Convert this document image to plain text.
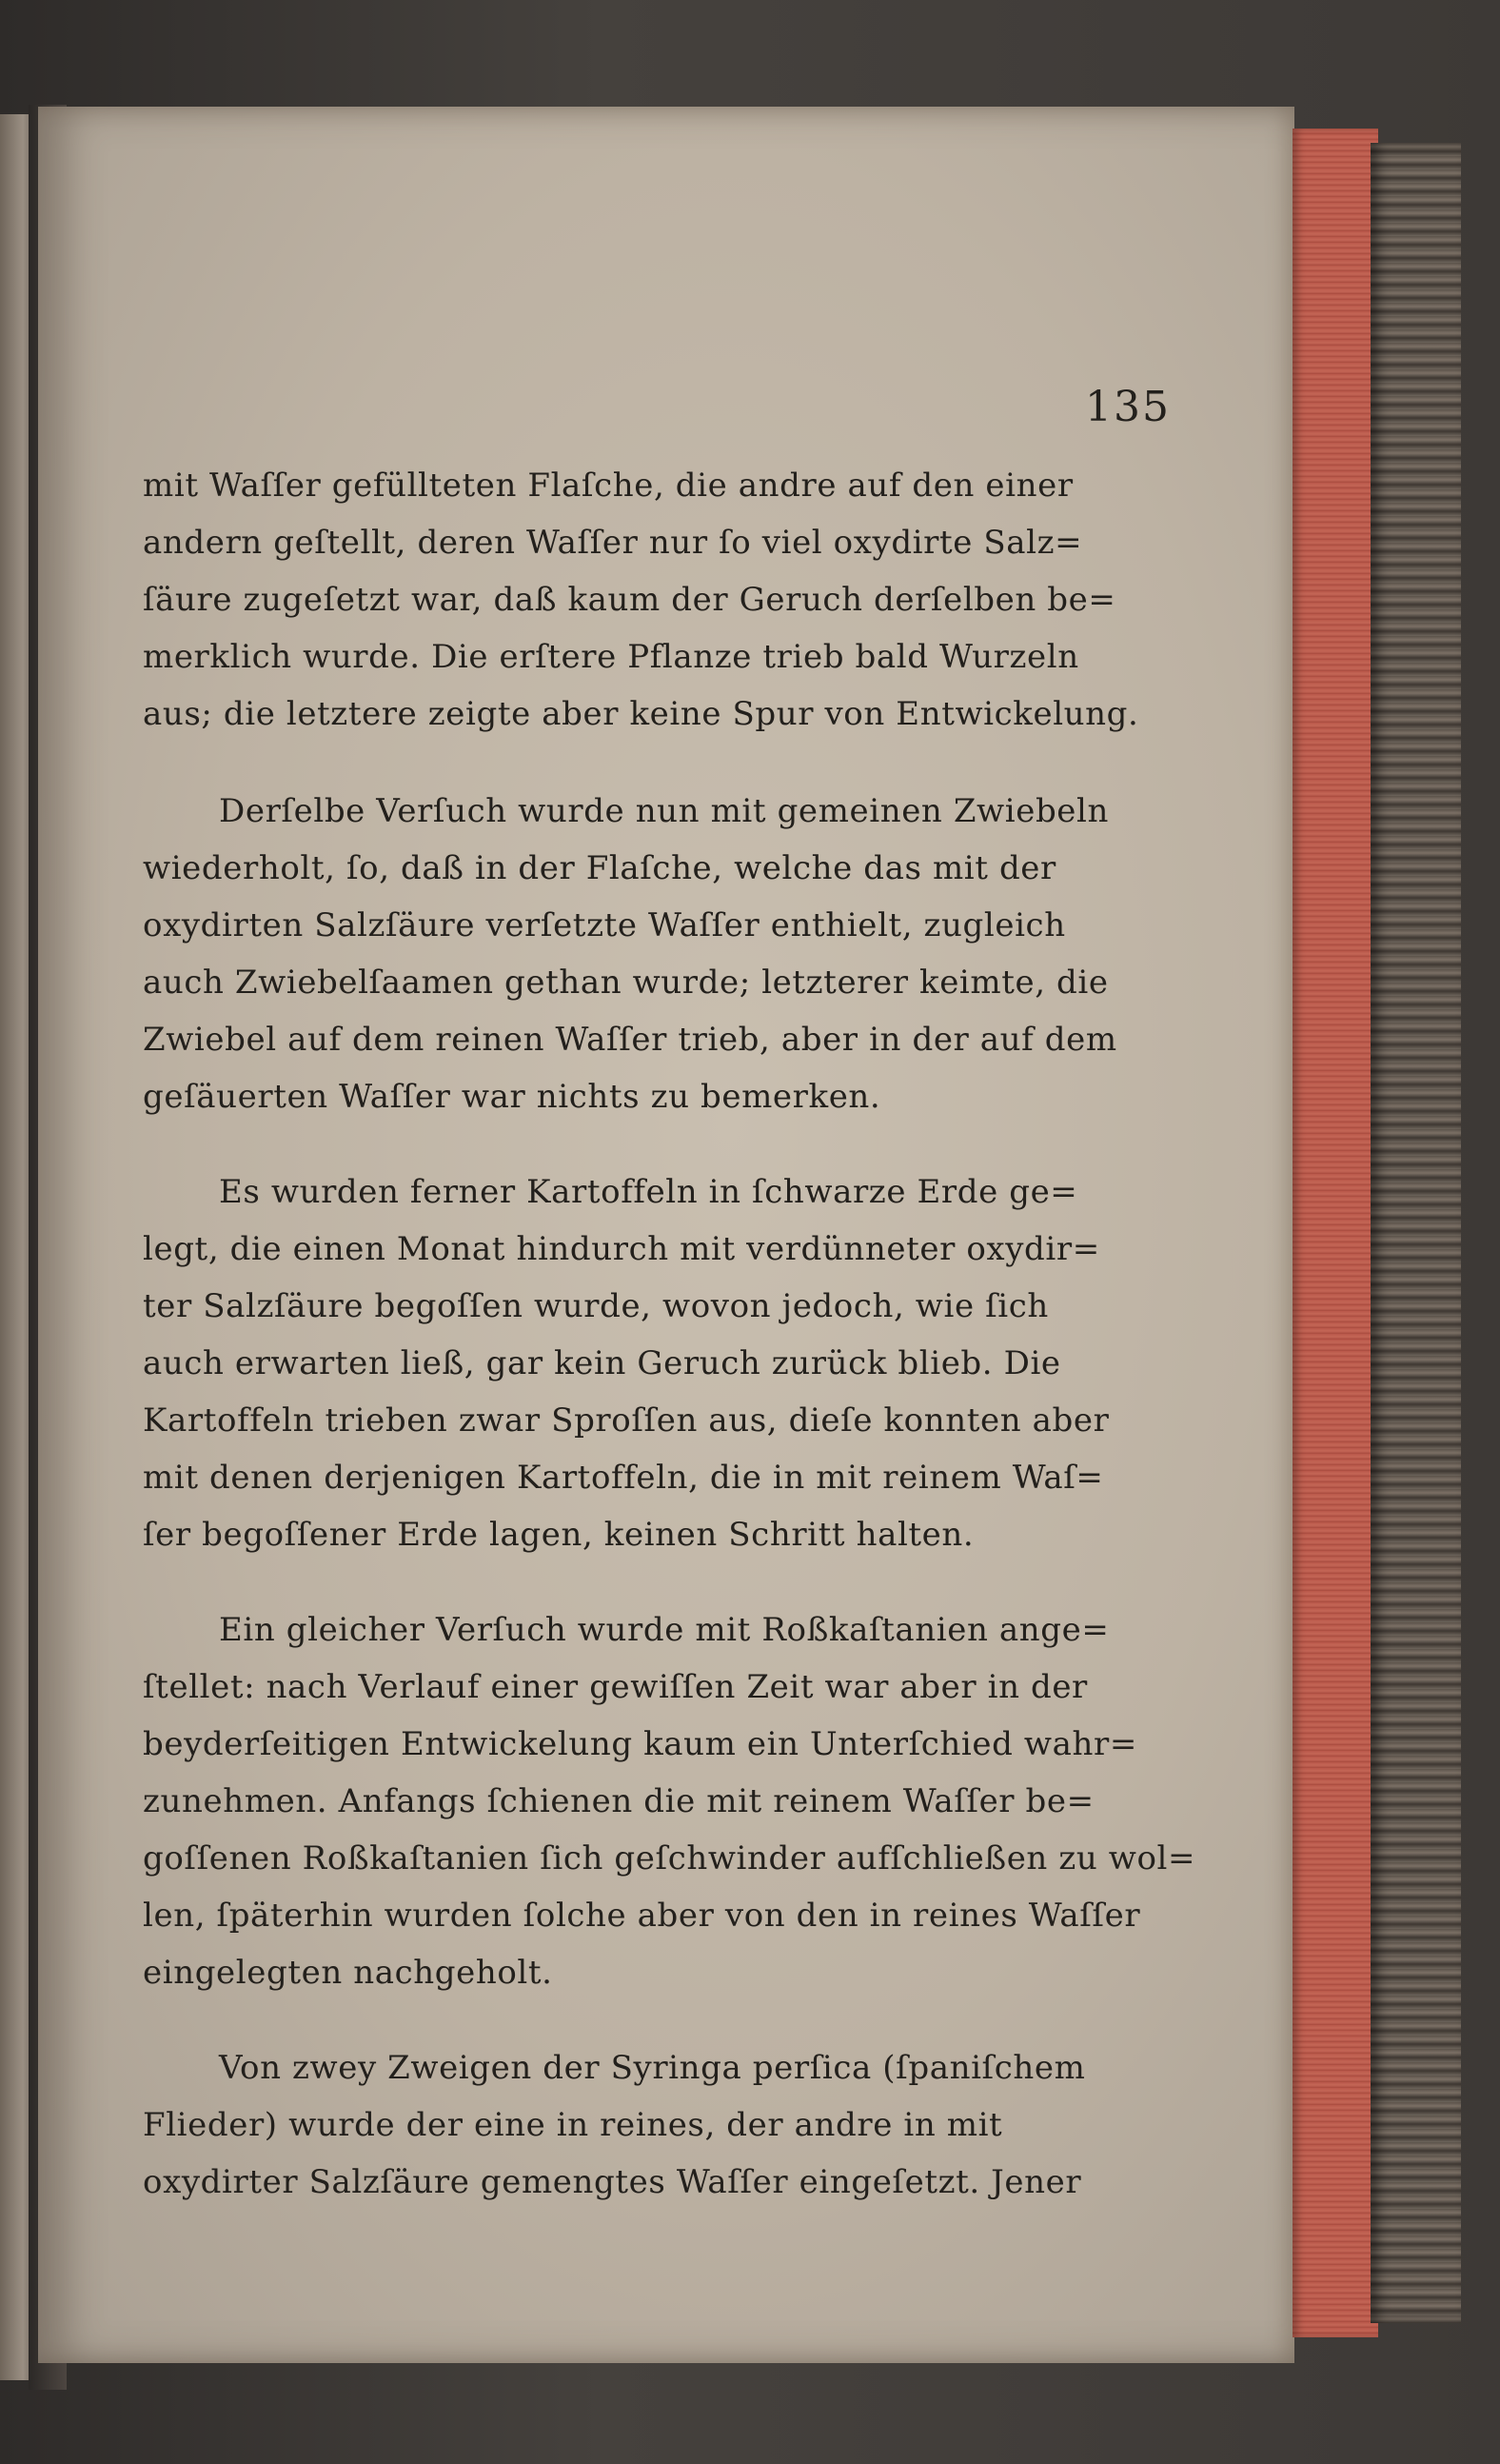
135
mit Waſſer gefüllteten Flaſche, die andre auf den einer
andern geſtellt, deren Waſſer nur ſo viel oxydirte Salz=
ſäure zugeſetzt war, daß kaum der Geruch derſelben be=
merklich wurde. Die erſtere Pflanze trieb bald Wurzeln
aus; die letztere zeigte aber keine Spur von Entwickelung.
Derſelbe Verſuch wurde nun mit gemeinen Zwiebeln
wiederholt, ſo, daß in der Flaſche, welche das mit der
oxydirten Salzſäure verſetzte Waſſer enthielt, zugleich
auch Zwiebelſaamen gethan wurde; letzterer keimte, die
Zwiebel auf dem reinen Waſſer trieb, aber in der auf dem
geſäuerten Waſſer war nichts zu bemerken.
Es wurden ferner Kartoffeln in ſchwarze Erde ge=
legt, die einen Monat hindurch mit verdünneter oxydir=
ter Salzſäure begoſſen wurde, wovon jedoch, wie ſich
auch erwarten ließ, gar kein Geruch zurück blieb. Die
Kartoffeln trieben zwar Sproſſen aus, dieſe konnten aber
mit denen derjenigen Kartoffeln, die in mit reinem Waſ=
ſer begoſſener Erde lagen, keinen Schritt halten.
Ein gleicher Verſuch wurde mit Roßkaſtanien ange=
ſtellet: nach Verlauf einer gewiſſen Zeit war aber in der
beyderſeitigen Entwickelung kaum ein Unterſchied wahr=
zunehmen. Anfangs ſchienen die mit reinem Waſſer be=
goſſenen Roßkaſtanien ſich geſchwinder aufſchließen zu wol=
len, ſpäterhin wurden ſolche aber von den in reines Waſſer
eingelegten nachgeholt.
Von zwey Zweigen der Syringa perſica (ſpaniſchem
Flieder) wurde der eine in reines, der andre in mit
oxydirter Salzſäure gemengtes Waſſer eingeſetzt. Jener
